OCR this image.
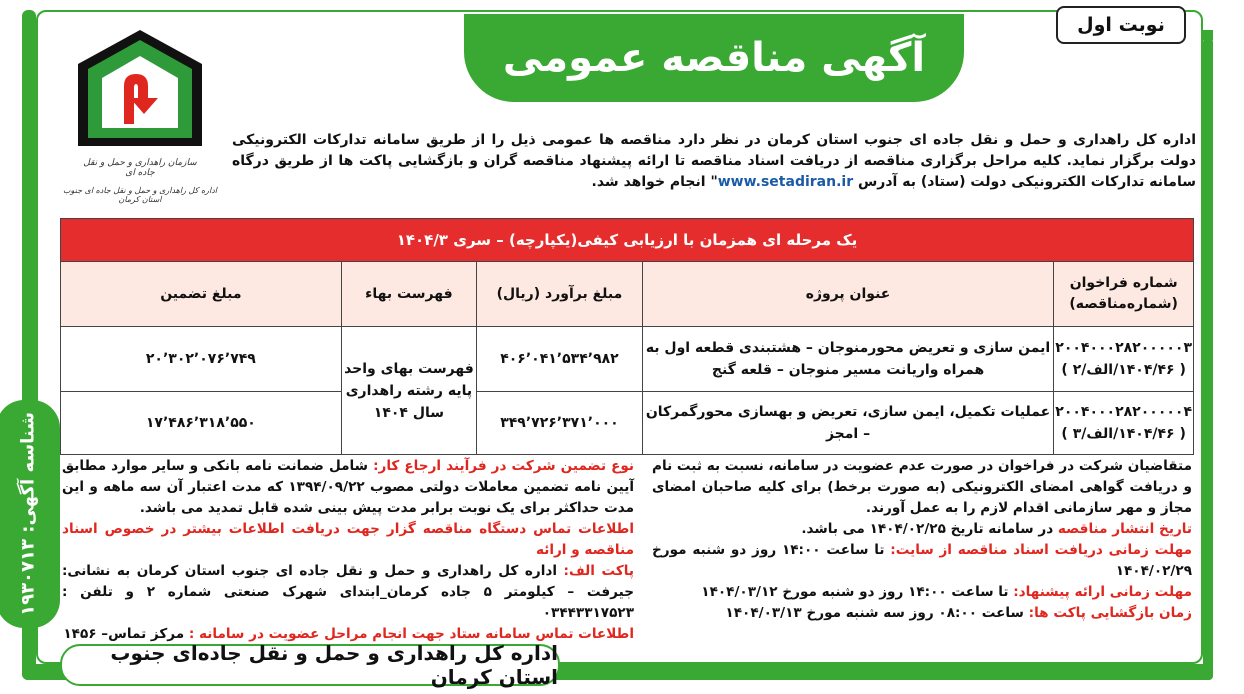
نوبت اول
آگهی مناقصه عمومی
سازمان راهداری و حمل و نقل جاده ای
اداره کل راهداری و حمل و نقل جاده ای جنوب استان کرمان
اداره کل راهداری و حمل و نقل جاده ای جنوب استان کرمان در نظر دارد مناقصه ها عمومی ذیل را از طریق سامانه تدارکات الکترونیکی دولت برگزار نماید. کلیه مراحل برگزاری مناقصه از دریافت اسناد مناقصه تا ارائه پیشنهاد مناقصه گران و بازگشایی پاکت ها از طریق درگاه سامانه تدارکات الکترونیکی دولت (ستاد) به آدرس www.setadiran.ir" انجام خواهد شد.
یک مرحله ای همزمان با ارزیابی کیفی(یکپارچه) – سری ۱۴۰۴/۳				
شماره فراخوان (شماره‌مناقصه)	عنوان پروژه	مبلغ برآورد (ریال)	فهرست بهاء	مبلغ تضمین

۲۰۰۴۰۰۰۲۸۲۰۰۰۰۰۳
( ۱۴۰۴/۴۶/الف/۲ )	ایمن سازی و تعریض محورمنوجان – هشتبندی قطعه اول به همراه واریانت مسیر منوجان – قلعه گنج	۴۰۶٬۰۴۱٬۵۳۴٬۹۸۲	فهرست بهای واحد پایه رشته راهداری سال ۱۴۰۴	۲۰٬۳۰۲٬۰۷۶٬۷۴۹

۲۰۰۴۰۰۰۲۸۲۰۰۰۰۰۴
( ۱۴۰۴/۴۶/الف/۳ )	عملیات تکمیل، ایمن سازی، تعریض و بهسازی محورگمرکان – امجز	۳۴۹٬۷۲۶٬۳۷۱٬۰۰۰		۱۷٬۴۸۶٬۳۱۸٬۵۵۰
متقاضیان شرکت در فراخوان در صورت عدم عضویت در سامانه، نسبت به ثبت نام و دریافت گواهی امضای الکترونیکی (به صورت برخط) برای کلیه صاحبان امضای مجاز و مهر سازمانی اقدام لازم را به عمل آورند.
تاریخ انتشار مناقصه در سامانه تاریخ ۱۴۰۴/۰۲/۲۵ می باشد.
مهلت زمانی دریافت اسناد مناقصه از سایت: تا ساعت ۱۴:۰۰ روز دو شنبه مورخ ۱۴۰۴/۰۲/۲۹
مهلت زمانی ارائه پیشنهاد: تا ساعت ۱۴:۰۰ روز دو شنبه مورخ ۱۴۰۴/۰۳/۱۲
زمان بازگشایی پاکت ها: ساعت ۰۸:۰۰ روز سه شنبه مورخ ۱۴۰۴/۰۳/۱۳
نوع تضمین شرکت در فرآیند ارجاع کار: شامل ضمانت نامه بانکی و سایر موارد مطابق آیین نامه تضمین معاملات دولتی مصوب ۱۳۹۴/۰۹/۲۲ که مدت اعتبار آن سه ماهه و این مدت حداکثر برای یک نوبت برابر مدت پیش بینی شده قابل تمدید می باشد.
اطلاعات تماس دستگاه مناقصه گزار جهت دریافت اطلاعات بیشتر در خصوص اسناد مناقصه و ارائه
پاکت الف: اداره کل راهداری و حمل و نقل جاده ای جنوب استان کرمان به نشانی: جیرفت – کیلومتر ۵ جاده کرمان_ابتدای شهرک صنعتی شماره ۲ و تلفن : ۰۳۴۴۳۳۱۷۵۲۳
اطلاعات تماس سامانه ستاد جهت انجام مراحل عضویت در سامانه : مرکز تماس– ۱۴۵۶
اداره کل راهداری و حمل و نقل جاده‌ای جنوب استان کرمان
شناسه آگهی: ۱۹۳۰۷۱۳
